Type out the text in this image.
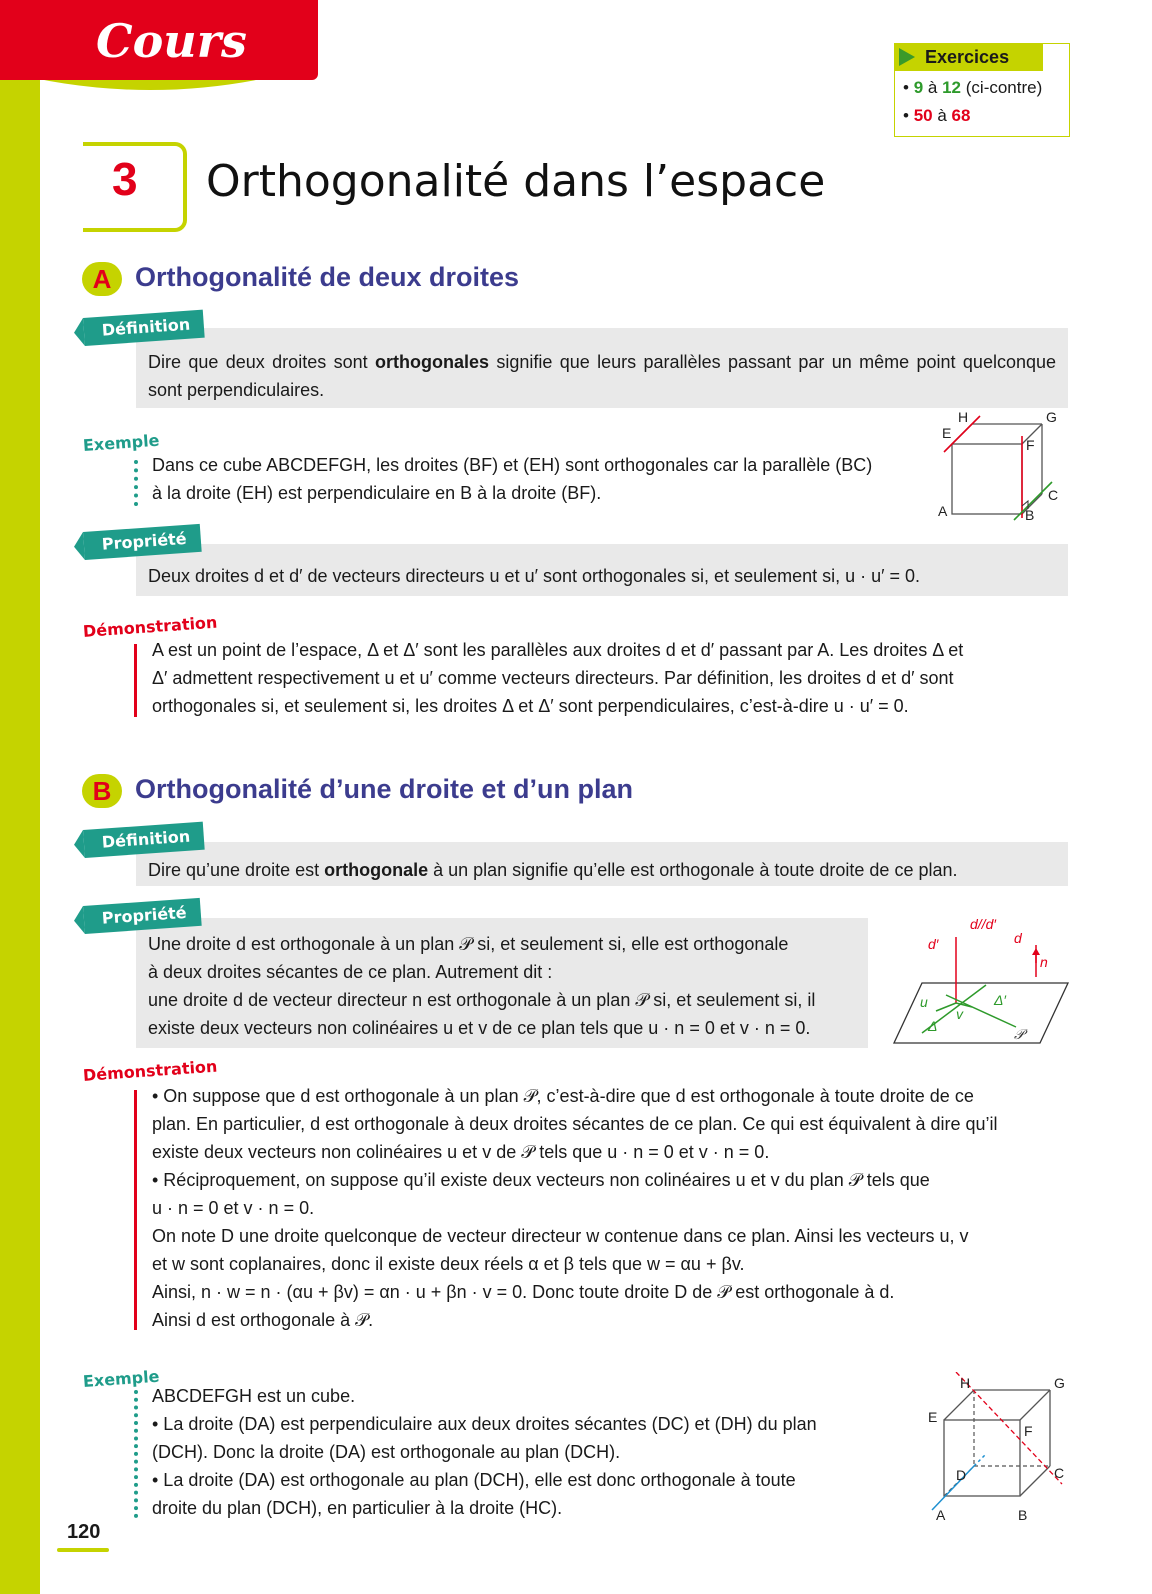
Cours	Exercices
• 9 à 12 (ci-contre)
• 50 à 68
3 Orthogonalité dans l’espace
A Orthogonalité de deux droites
Définition
Dire que deux droites sont orthogonales signifie que leurs parallèles passant par un même point quelconque sont perpendiculaires.
Exemple
Dans ce cube ABCDEFGH, les droites (BF) et (EH) sont orthogonales car la parallèle (BC)
à la droite (EH) est perpendiculaire en B à la droite (BF).
H	G
E
F
C
A	B
Propriété
Deux droites d et d′ de vecteurs directeurs u et u′ sont orthogonales si, et seulement si, u · u′ = 0.
Démonstration
A est un point de l’espace, Δ et Δ′ sont les parallèles aux droites d et d′ passant par A. Les droites Δ et
Δ′ admettent respectivement u et u′ comme vecteurs directeurs. Par définition, les droites d et d′ sont
orthogonales si, et seulement si, les droites Δ et Δ′ sont perpendiculaires, c’est-à-dire u · u′ = 0.
B Orthogonalité d’une droite et d’un plan
Définition
Dire qu’une droite est orthogonale à un plan signifie qu’elle est orthogonale à toute droite de ce plan.
Propriété
Une droite d est orthogonale à un plan 𝒫 si, et seulement si, elle est orthogonale
à deux droites sécantes de ce plan. Autrement dit :
une droite d de vecteur directeur n est orthogonale à un plan 𝒫 si, et seulement si, il
existe deux vecteurs non colinéaires u et v de ce plan tels que u · n = 0 et v · n = 0.
d//d′
d′	d
n
u
v
Δ′
Δ
𝒫
Démonstration
• On suppose que d est orthogonale à un plan 𝒫, c’est-à-dire que d est orthogonale à toute droite de ce
plan. En particulier, d est orthogonale à deux droites sécantes de ce plan. Ce qui est équivalent à dire qu’il
existe deux vecteurs non colinéaires u et v de 𝒫 tels que u · n = 0 et v · n = 0.
• Réciproquement, on suppose qu’il existe deux vecteurs non colinéaires u et v du plan 𝒫 tels que
u · n = 0 et v · n = 0.
On note D une droite quelconque de vecteur directeur w contenue dans ce plan. Ainsi les vecteurs u, v
et w sont coplanaires, donc il existe deux réels α et β tels que w = αu + βv.
Ainsi, n · w = n · (αu + βv) = αn · u + βn · v = 0. Donc toute droite D de 𝒫 est orthogonale à d.
Ainsi d est orthogonale à 𝒫.
Exemple
ABCDEFGH est un cube.
• La droite (DA) est perpendiculaire aux deux droites sécantes (DC) et (DH) du plan
(DCH). Donc la droite (DA) est orthogonale au plan (DCH).
• La droite (DA) est orthogonale au plan (DCH), elle est donc orthogonale à toute
droite du plan (DCH), en particulier à la droite (HC).
H	G
E
F
D	C
A	B
120
